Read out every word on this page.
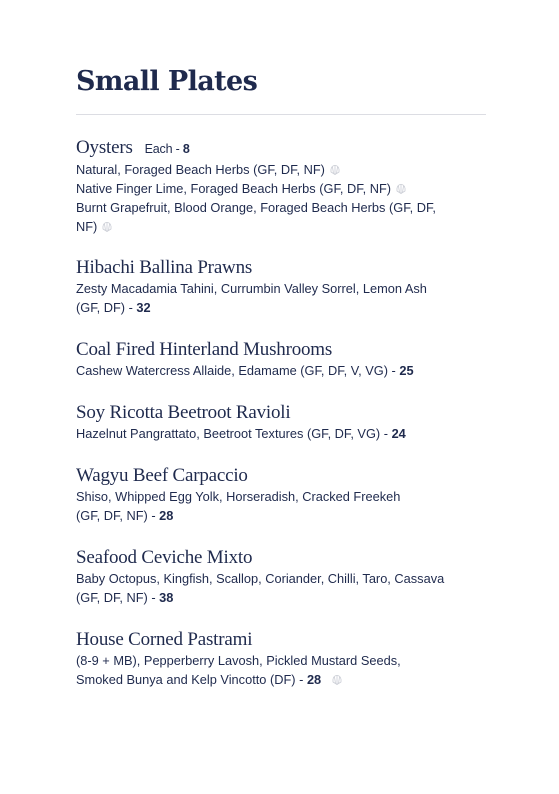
Small Plates
Oysters Each - 8

Natural, Foraged Beach Herbs (GF, DF, NF)

Native Finger Lime, Foraged Beach Herbs (GF, DF, NF)

Burnt Grapefruit, Blood Orange, Foraged Beach Herbs (GF, DF,
NF)

Hibachi Ballina Prawns

Zesty Macadamia Tahini, Currumbin Valley Sorrel, Lemon Ash
(GF, DF) - 32

Coal Fired Hinterland Mushrooms

Cashew Watercress Allaide, Edamame (GF, DF, V, VG) - 25

Soy Ricotta Beetroot Ravioli

Hazelnut Pangrattato, Beetroot Textures (GF, DF, VG) - 24

Wagyu Beef Carpaccio

Shiso, Whipped Egg Yolk, Horseradish, Cracked Freekeh
(GF, DF, NF) - 28

Seafood Ceviche Mixto

Baby Octopus, Kingfish, Scallop, Coriander, Chilli, Taro, Cassava
(GF, DF, NF) - 38

House Corned Pastrami

(8-9 + MB), Pepperberry Lavosh, Pickled Mustard Seeds,
Smoked Bunya and Kelp Vincotto (DF) - 28
